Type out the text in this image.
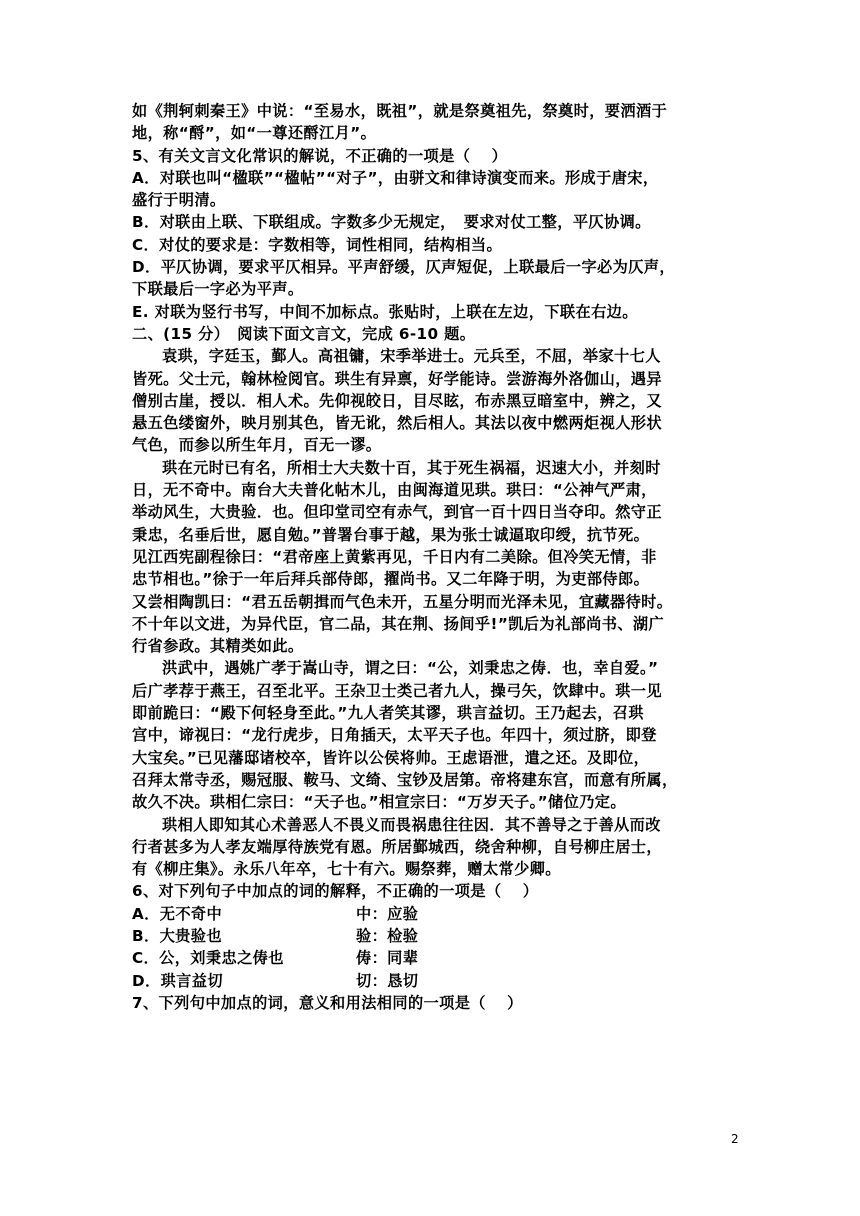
如《荆轲刺秦王》中说：“至易水，既祖”，就是祭奠祖先，祭奠时，要洒酒于
地，称“酹”，如“一尊还酹江月”。
5、有关文言文化常识的解说，不正确的一项是（　 ）
A．对联也叫“楹联”“楹帖”“对子”，由骈文和律诗演变而来。形成于唐宋，
盛行于明清。
B．对联由上联、下联组成。字数多少无规定，　要求对仗工整，平仄协调。
C．对仗的要求是：字数相等，词性相同，结构相当。
D．平仄协调，要求平仄相异。平声舒缓，仄声短促，上联最后一字必为仄声，
下联最后一字必为平声。
E. 对联为竖行书写，中间不加标点。张贴时，上联在左边，下联在右边。
二、(15 分）　阅读下面文言文，完成 6-10 题。
袁珙，字廷玉，鄞人。高祖镛，宋季举进士。元兵至，不屈，举家十七人
皆死。父士元，翰林检阅官。珙生有异禀，好学能诗。尝游海外洛伽山，遇异
僧别古崖，授以．相人术。先仰视皎日，目尽眩，布赤黑豆暗室中，辨之，又
悬五色缕窗外，映月别其色，皆无讹，然后相人。其法以夜中燃两炬视人形状
气色，而参以所生年月，百无一谬。
珙在元时已有名，所相士大夫数十百，其于死生祸福，迟速大小，并刻时
日，无不奇中。南台大夫普化帖木儿，由闽海道见珙。珙曰：“公神气严肃，
举动风生，大贵验．也。但印堂司空有赤气，到官一百十四日当夺印。然守正
秉忠，名垂后世，愿自勉。”普署台事于越，果为张士诚逼取印绶，抗节死。
见江西宪副程徐曰：“君帝座上黄紫再见，千日内有二美除。但冷笑无情，非
忠节相也。”徐于一年后拜兵部侍郎，擢尚书。又二年降于明，为吏部侍郎。
又尝相陶凯曰：“君五岳朝揖而气色未开，五星分明而光泽未见，宜藏器待时。
不十年以文进，为异代臣，官二品，其在荆、扬间乎!”凯后为礼部尚书、湖广
行省参政。其精类如此。
洪武中，遇姚广孝于嵩山寺，谓之曰：“公，刘秉忠之俦．也，幸自爱。”
后广孝荐于燕王，召至北平。王杂卫士类己者九人，操弓矢，饮肆中。珙一见
即前跪曰：“殿下何轻身至此。”九人者笑其谬，珙言益切。王乃起去，召珙
宫中，谛视曰：“龙行虎步，日角插天，太平天子也。年四十，须过脐，即登
大宝矣。”已见藩邸诸校卒，皆许以公侯将帅。王虑语泄，遣之还。及即位，
召拜太常寺丞，赐冠服、鞍马、文绮、宝钞及居第。帝将建东宫，而意有所属，
故久不决。珙相仁宗曰：“天子也。”相宣宗曰：“万岁天子。”储位乃定。
珙相人即知其心术善恶人不畏义而畏祸患往往因．其不善导之于善从而改
行者甚多为人孝友端厚待族党有恩。所居鄞城西，绕舍种柳，自号柳庄居士，
有《柳庄集》。永乐八年卒，七十有六。赐祭葬，赠太常少卿。
6、对下列句子中加点的词的解释，不正确的一项是（　 ）
A．无不奇中	中：应验
B．大贵验也	验：检验
C．公，刘秉忠之俦也	俦：同辈
D．珙言益切	切：恳切
7、下列句中加点的词，意义和用法相同的一项是（　 ）
2
